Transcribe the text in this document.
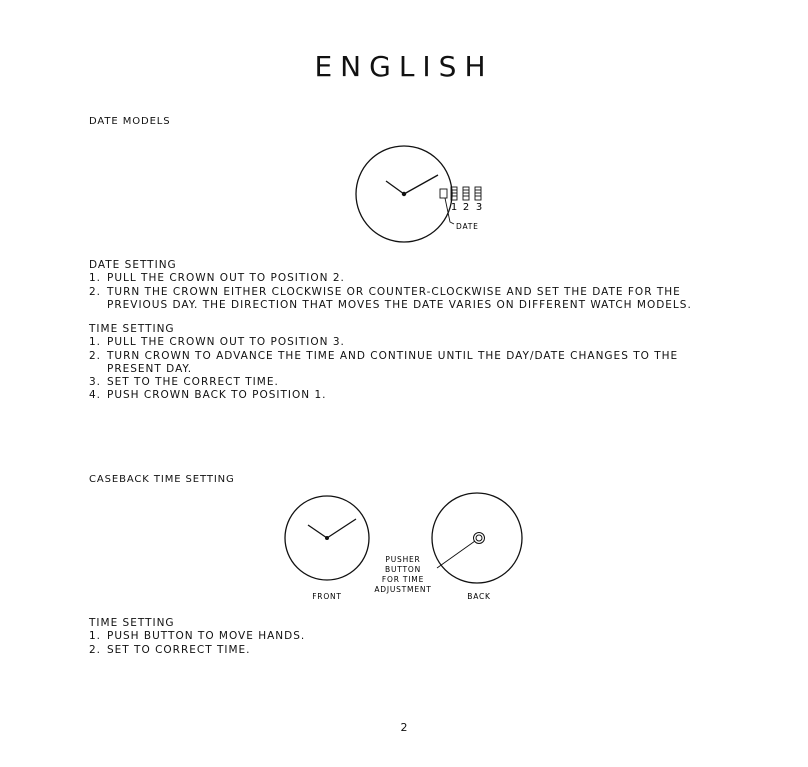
ENGLISH
DATE MODELS
1 2 3
DATE
DATE SETTING
1. PULL THE CROWN OUT TO POSITION 2.
2. TURN THE CROWN EITHER CLOCKWISE OR COUNTER-CLOCKWISE AND SET THE DATE FOR THE
PREVIOUS DAY. THE DIRECTION THAT MOVES THE DATE VARIES ON DIFFERENT WATCH MODELS.
TIME SETTING
1. PULL THE CROWN OUT TO POSITION 3.
2. TURN CROWN TO ADVANCE THE TIME AND CONTINUE UNTIL THE DAY/DATE CHANGES TO THE
PRESENT DAY.
3. SET TO THE CORRECT TIME.
4. PUSH CROWN BACK TO POSITION 1.
CASEBACK TIME SETTING
PUSHER
BUTTON
FOR TIME
ADJUSTMENT
FRONT	BACK
TIME SETTING
1. PUSH BUTTON TO MOVE HANDS.
2. SET TO CORRECT TIME.
2
